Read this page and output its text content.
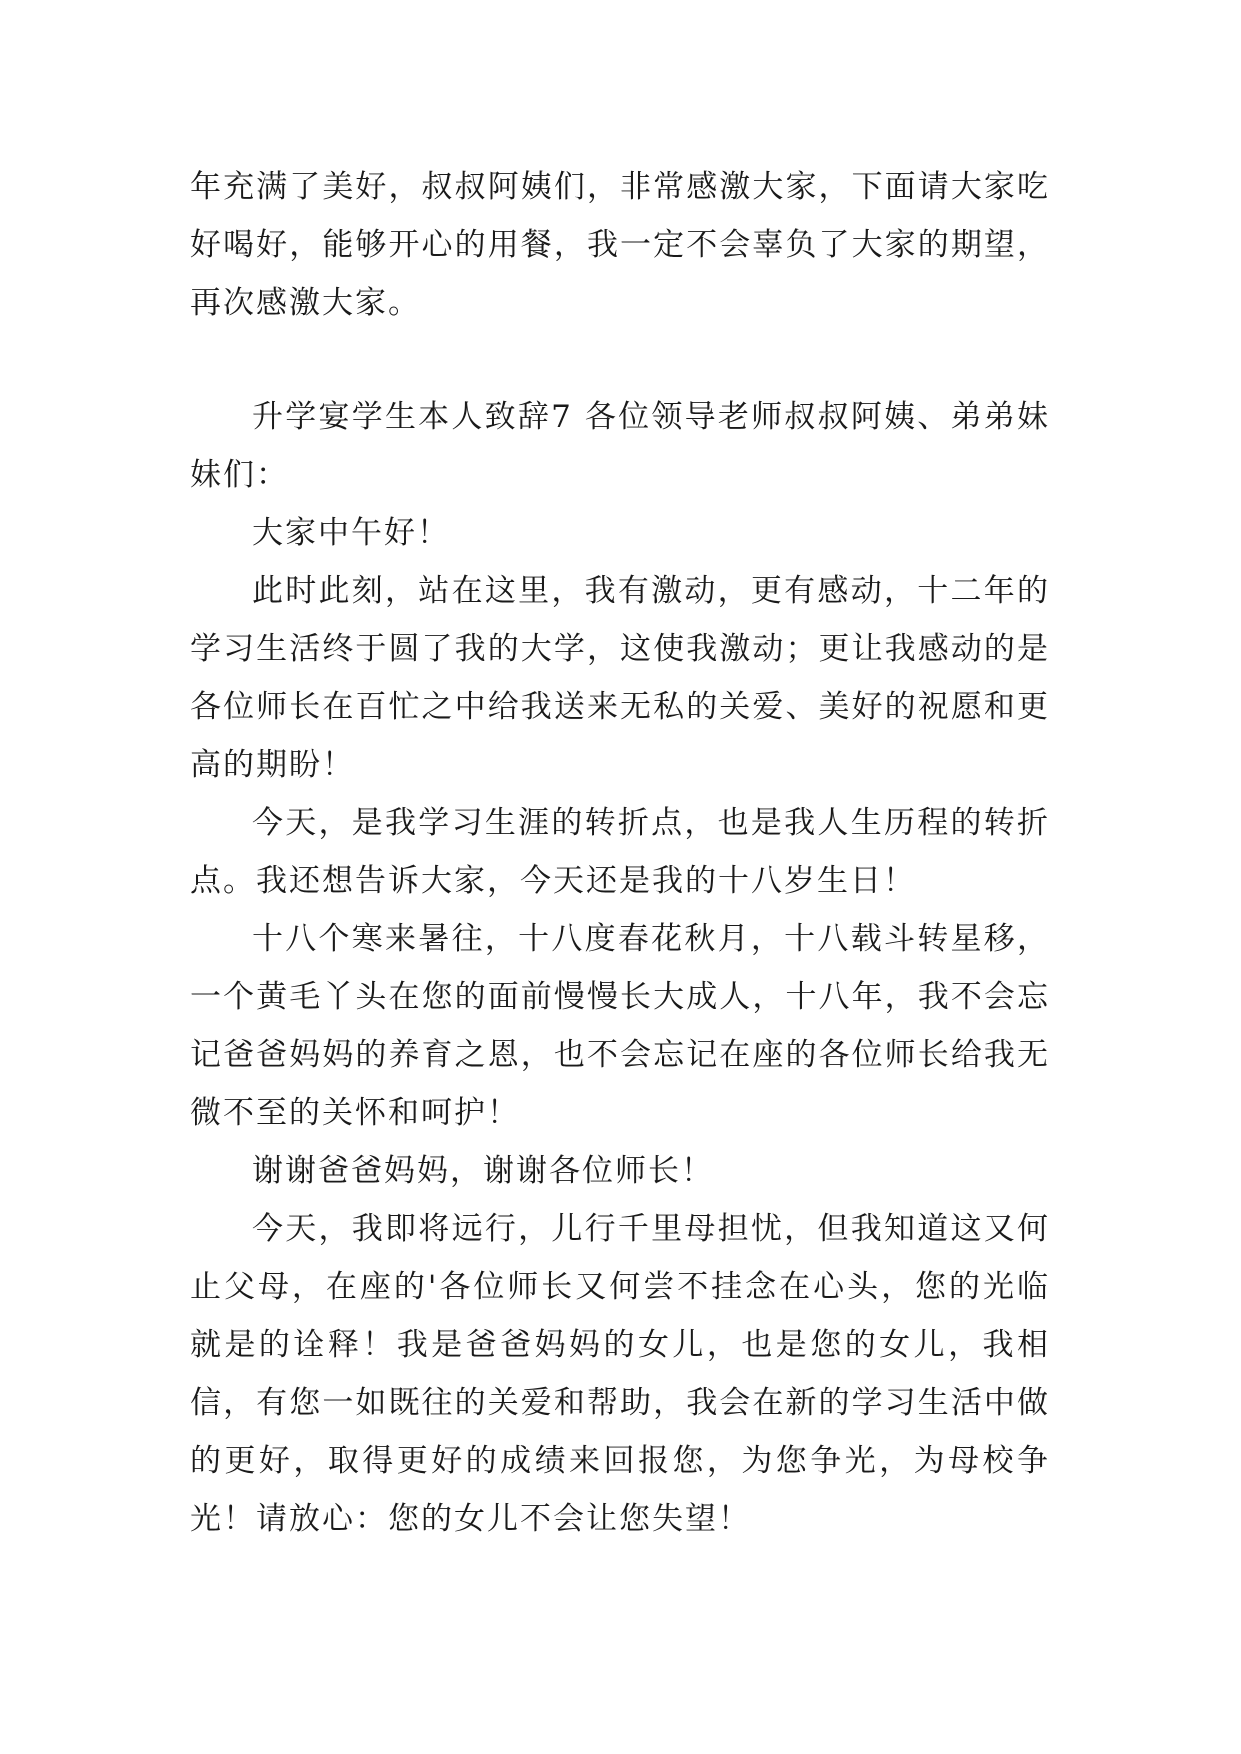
年充满了美好，叔叔阿姨们，非常感激大家，下面请大家吃好喝好，能够开心的用餐，我一定不会辜负了大家的期望，再次感激大家。

升学宴学生本人致辞7 各位领导老师叔叔阿姨、弟弟妹妹们：

大家中午好！

此时此刻，站在这里，我有激动，更有感动，十二年的学习生活终于圆了我的大学，这使我激动；更让我感动的是各位师长在百忙之中给我送来无私的关爱、美好的祝愿和更高的期盼！

今天，是我学习生涯的转折点，也是我人生历程的转折点。我还想告诉大家，今天还是我的十八岁生日！

十八个寒来暑往，十八度春花秋月，十八载斗转星移，一个黄毛丫头在您的面前慢慢长大成人，十八年，我不会忘记爸爸妈妈的养育之恩，也不会忘记在座的各位师长给我无微不至的关怀和呵护！

谢谢爸爸妈妈，谢谢各位师长！

今天，我即将远行，儿行千里母担忧，但我知道这又何止父母，在座的'各位师长又何尝不挂念在心头，您的光临就是的诠释！我是爸爸妈妈的女儿，也是您的女儿，我相信，有您一如既往的关爱和帮助，我会在新的学习生活中做的更好，取得更好的成绩来回报您，为您争光，为母校争光！请放心：您的女儿不会让您失望！
